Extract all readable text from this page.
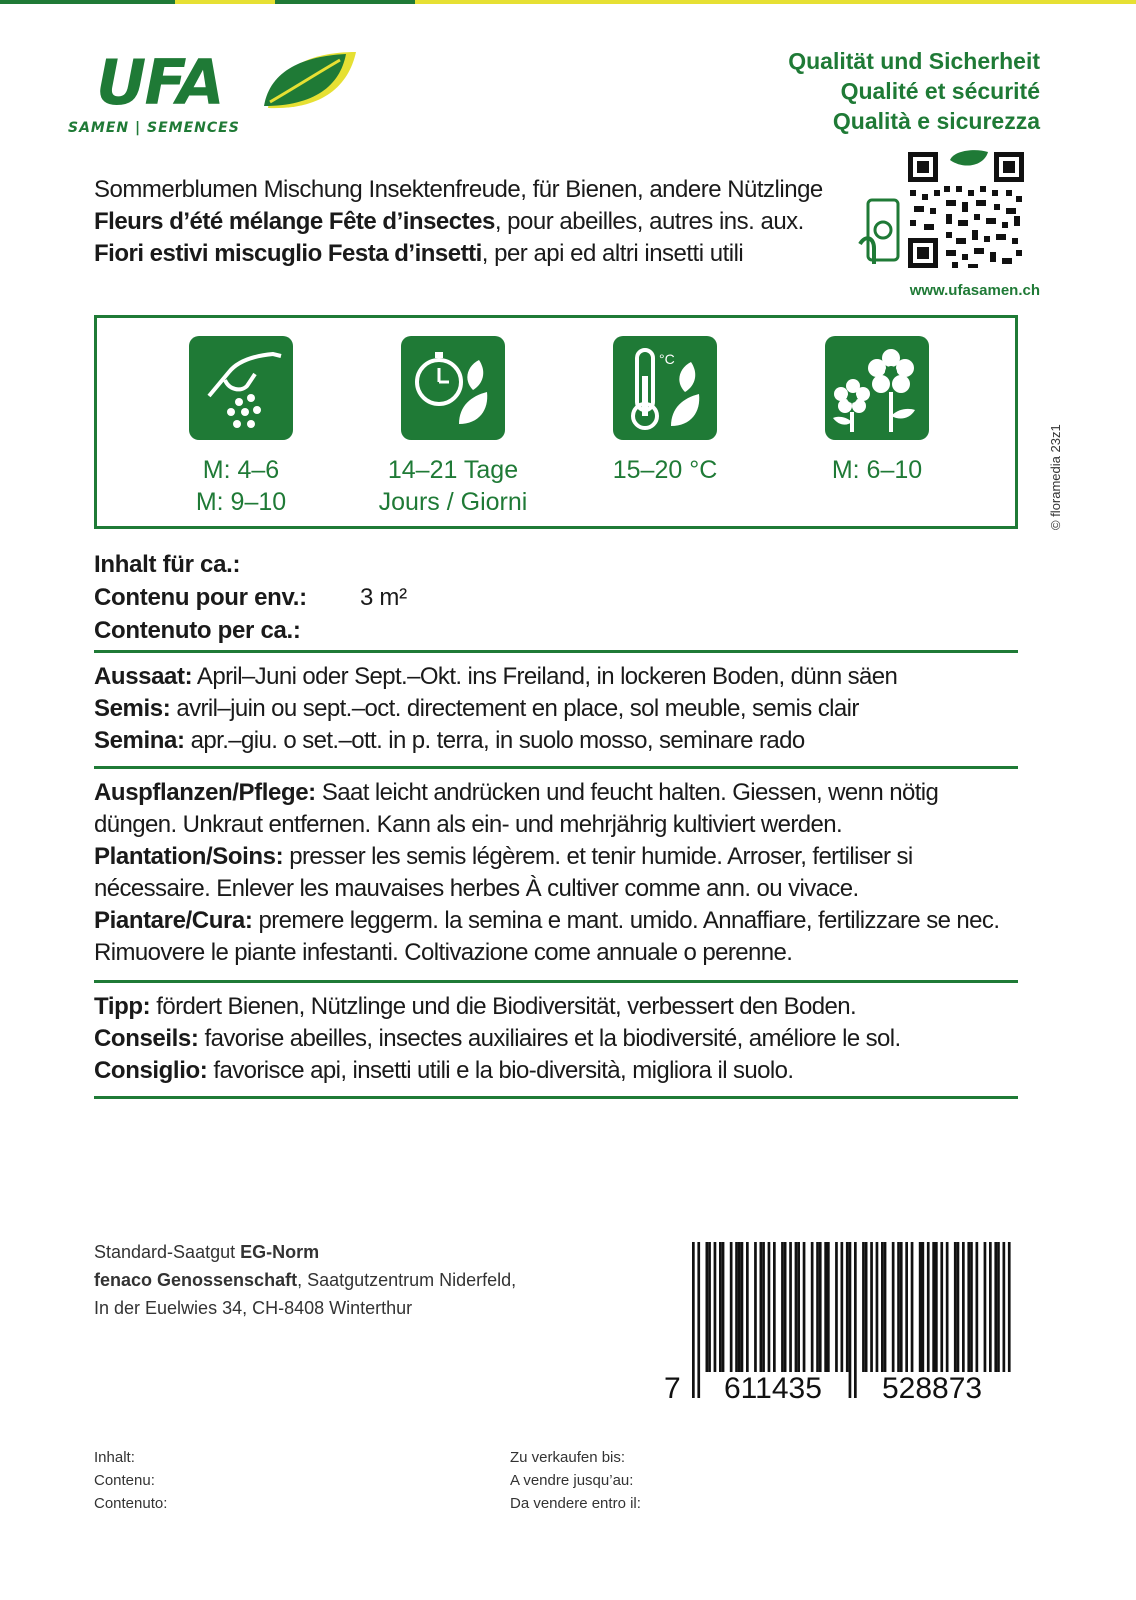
UFA
SAMEN | SEMENCES
Qualität und Sicherheit
Qualité et sécurité
Qualità e sicurezza
Sommerblumen Mischung Insektenfreude, für Bienen, andere Nützlinge
Fleurs d’été mélange Fête d’insectes, pour abeilles, autres ins. aux.
Fiori estivi miscuglio Festa d’insetti, per api ed altri insetti utili
www.ufasamen.ch
© floramedia 23z1
M: 4–6
M: 9–10
14–21 Tage
Jours / Giorni
°C
15–20 °C	M: 6–10
Inhalt für ca.:
Contenu pour env.:
Contenuto per ca.:
3 m²
Aussaat: April–Juni oder Sept.–Okt. ins Freiland, in lockeren Boden, dünn säen
Semis: avril–juin ou sept.–oct. directement en place, sol meuble, semis clair
Semina: apr.–giu. o set.–ott. in p. terra, in suolo mosso, seminare rado
Auspflanzen/Pflege: Saat leicht andrücken und feucht halten. Giessen, wenn nötig düngen. Unkraut entfernen. Kann als ein- und mehrjährig kultiviert werden.
Plantation/Soins: presser les semis légèrem. et tenir humide. Arroser, fertiliser si nécessaire. Enlever les mauvaises herbes À cultiver comme ann. ou vivace.
Piantare/Cura: premere leggerm. la semina e mant. umido. Annaffiare, fertilizzare se nec. Rimuovere le piante infestanti. Coltivazione come annuale o perenne.
Tipp: fördert Bienen, Nützlinge und die Biodiversität, verbessert den Boden.
Conseils: favorise abeilles, insectes auxiliaires et la biodiversité, améliore le sol.
Consiglio: favorisce api, insetti utili e la bio-diversità, migliora il suolo.
Standard-Saatgut EG-Norm
fenaco Genossenschaft, Saatgutzentrum Niderfeld,
In der Euelwies 34, CH-8408 Winterthur
7 611435 528873
Inhalt:
Contenu:
Contenuto:
Zu verkaufen bis:
A vendre jusqu’au:
Da vendere entro il:
